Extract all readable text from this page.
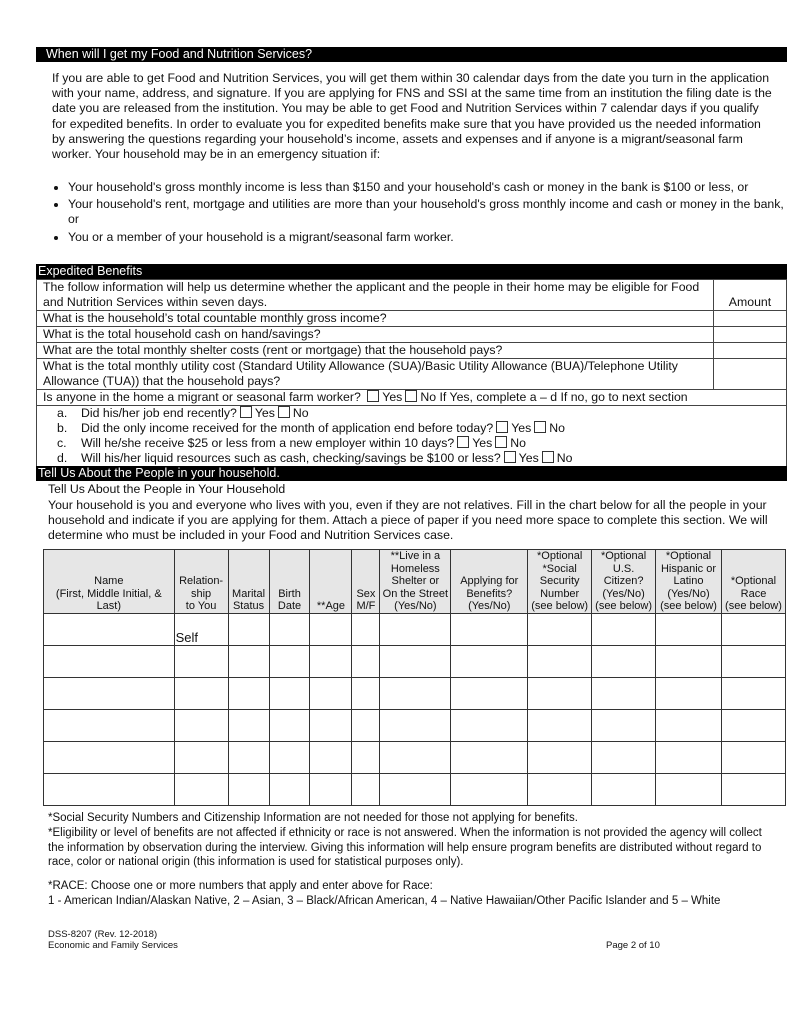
When will I get my Food and Nutrition Services?
If you are able to get Food and Nutrition Services, you will get them within 30 calendar days from the date you turn in the application with your name, address, and signature. If you are applying for FNS and SSI at the same time from an institution the filing date is the date you are released from the institution. You may be able to get Food and Nutrition Services within 7 calendar days if you qualify for expedited benefits. In order to evaluate you for expedited benefits make sure that you have provided us the needed information by answering the questions regarding your household’s income, assets and expenses and if anyone is a migrant/seasonal farm worker. Your household may be in an emergency situation if:
• Your household's gross monthly income is less than $150 and your household's cash or money in the bank is $100 or less, or
• Your household's rent, mortgage and utilities are more than your household's gross monthly income and cash or money in the bank, or
• You or a member of your household is a migrant/seasonal farm worker.
Expedited Benefits
The follow information will help us determine whether the applicant and the people in their home may be eligible for Food and Nutrition Services within seven days.	Amount
What is the household’s total countable monthly gross income?	
What is the total household cash on hand/savings?	
What are the total monthly shelter costs (rent or mortgage) that the household pays?	
What is the total monthly utility cost (Standard Utility Allowance (SUA)/Basic Utility Allowance (BUA)/Telephone Utility Allowance (TUA)) that the household pays?	
Is anyone in the home a migrant or seasonal farm worker? Yes No If Yes, complete a – d If no, go to next section	

a. Did his/her job end recently? Yes No
b. Did the only income received for the month of application end before today? Yes No
c. Will he/she receive $25 or less from a new employer within 10 days? Yes No
d. Will his/her liquid resources such as cash, checking/savings be $100 or less? Yes No	
Tell Us About the People in your household.
Tell Us About the People in Your Household
Your household is you and everyone who lives with you, even if they are not relatives. Fill in the chart below for all the people in your household and indicate if you are applying for them. Attach a piece of paper if you need more space to complete this section. We will determine who must be included in your Food and Nutrition Services case.
Name
(First, Middle Initial, &
Last)	Relation-
ship
to You	Marital
Status	Birth
Date	**Age	Sex
M/F	**Live in a
Homeless
Shelter or
On the Street
(Yes/No)	Applying for
Benefits?
(Yes/No)	*Optional
*Social
Security
Number
(see below)	*Optional
U.S.
Citizen?
(Yes/No)
(see below)	*Optional
Hispanic or
Latino
(Yes/No)
(see below)	*Optional
Race
(see below)
	Self										

*Social Security Numbers and Citizenship Information are not needed for those not applying for benefits.
*Eligibility or level of benefits are not affected if ethnicity or race is not answered. When the information is not provided the agency will collect the information by observation during the interview. Giving this information will help ensure program benefits are distributed without regard to race, color or national origin (this information is used for statistical purposes only).
*RACE: Choose one or more numbers that apply and enter above for Race:
1 - American Indian/Alaskan Native, 2 – Asian, 3 – Black/African American, 4 – Native Hawaiian/Other Pacific Islander and 5 – White
DSS-8207 (Rev. 12-2018)
Economic and Family Services	Page 2 of 10
